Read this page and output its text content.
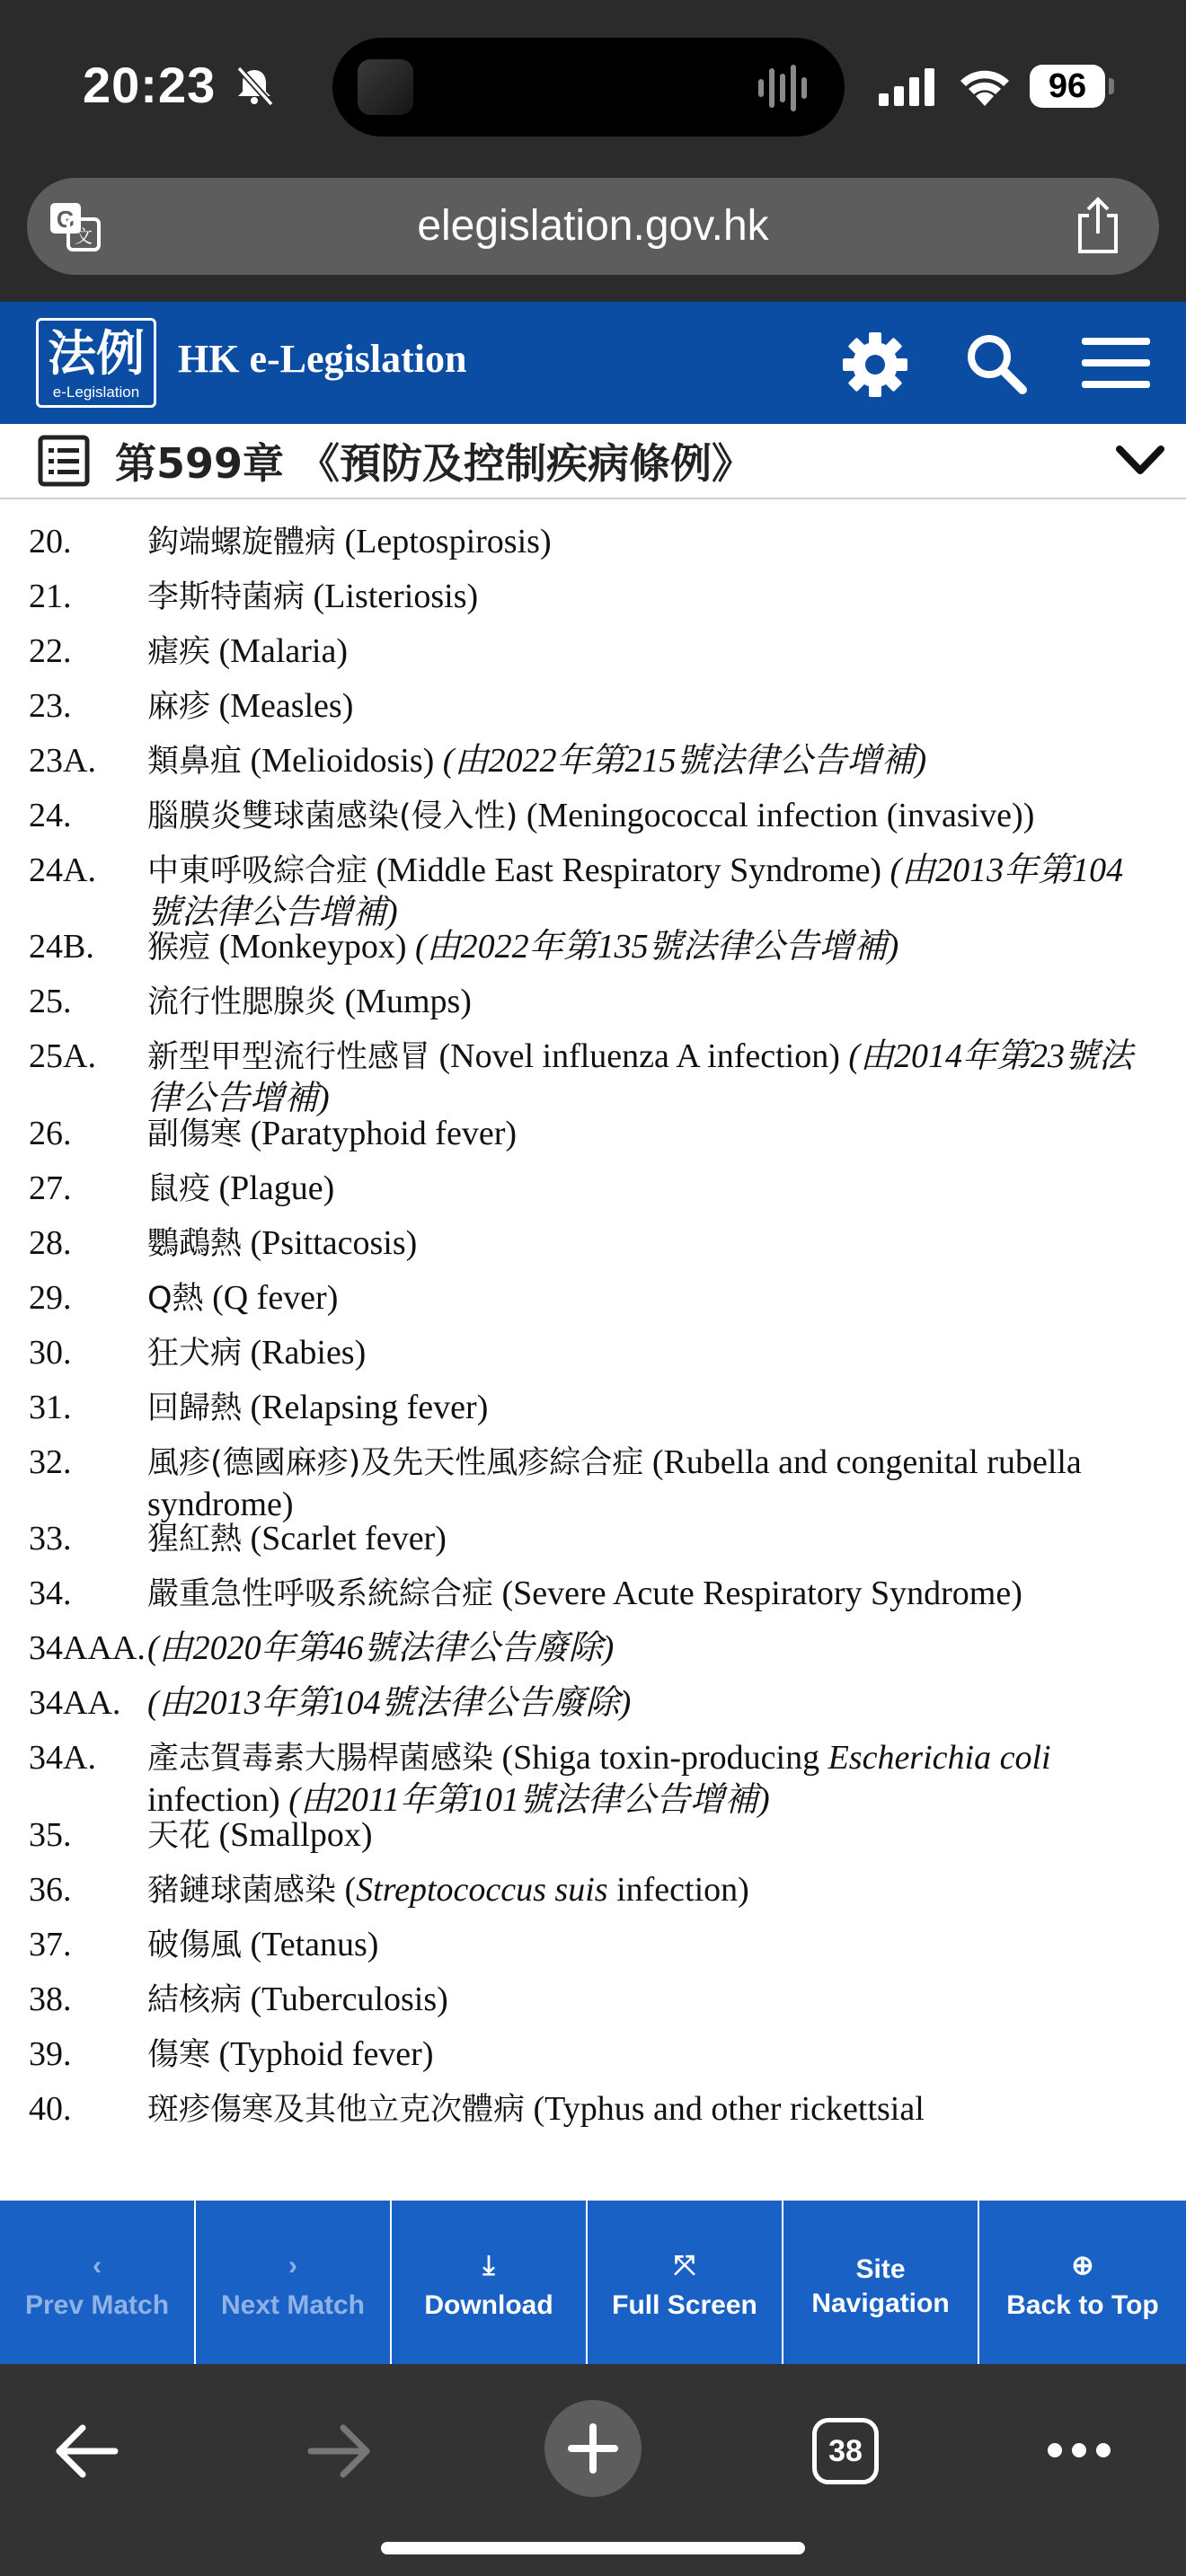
20:23	96
G
文	elegislation.gov.hk
法例
e-Legislation
HK e-Legislation
第599章 《預防及控制疾病條例》
20. 鈎端螺旋體病 (Leptospirosis)
21. 李斯特菌病 (Listeriosis)
22. 瘧疾 (Malaria)
23. 麻疹 (Measles)
23A. 類鼻疽 (Melioidosis) (由2022年第215號法律公告增補)
24. 腦膜炎雙球菌感染(侵入性) (Meningococcal infection (invasive))
24A. 中東呼吸綜合症 (Middle East Respiratory Syndrome) (由2013年第104號法律公告增補)
24B. 猴痘 (Monkeypox) (由2022年第135號法律公告增補)
25. 流行性腮腺炎 (Mumps)
25A. 新型甲型流行性感冒 (Novel influenza A infection) (由2014年第23號法律公告增補)
26. 副傷寒 (Paratyphoid fever)
27. 鼠疫 (Plague)
28. 鸚鵡熱 (Psittacosis)
29. Q熱 (Q fever)
30. 狂犬病 (Rabies)
31. 回歸熱 (Relapsing fever)
32. 風疹(德國麻疹)及先天性風疹綜合症 (Rubella and congenital rubella syndrome)
33. 猩紅熱 (Scarlet fever)
34. 嚴重急性呼吸系統綜合症 (Severe Acute Respiratory Syndrome)
34AAA. (由2020年第46號法律公告廢除)
34AA. (由2013年第104號法律公告廢除)
34A. 產志賀毒素大腸桿菌感染 (Shiga toxin-producing Escherichia coli infection) (由2011年第101號法律公告增補)
35. 天花 (Smallpox)
36. 豬鏈球菌感染 (Streptococcus suis infection)
37. 破傷風 (Tetanus)
38. 結核病 (Tuberculosis)
39. 傷寒 (Typhoid fever)
40. 斑疹傷寒及其他立克次體病 (Typhus and other rickettsial
‹
Prev Match
›
Next Match
⤓
Download
⤧
Full Screen
Site
Navigation
⊕
Back to Top
38
